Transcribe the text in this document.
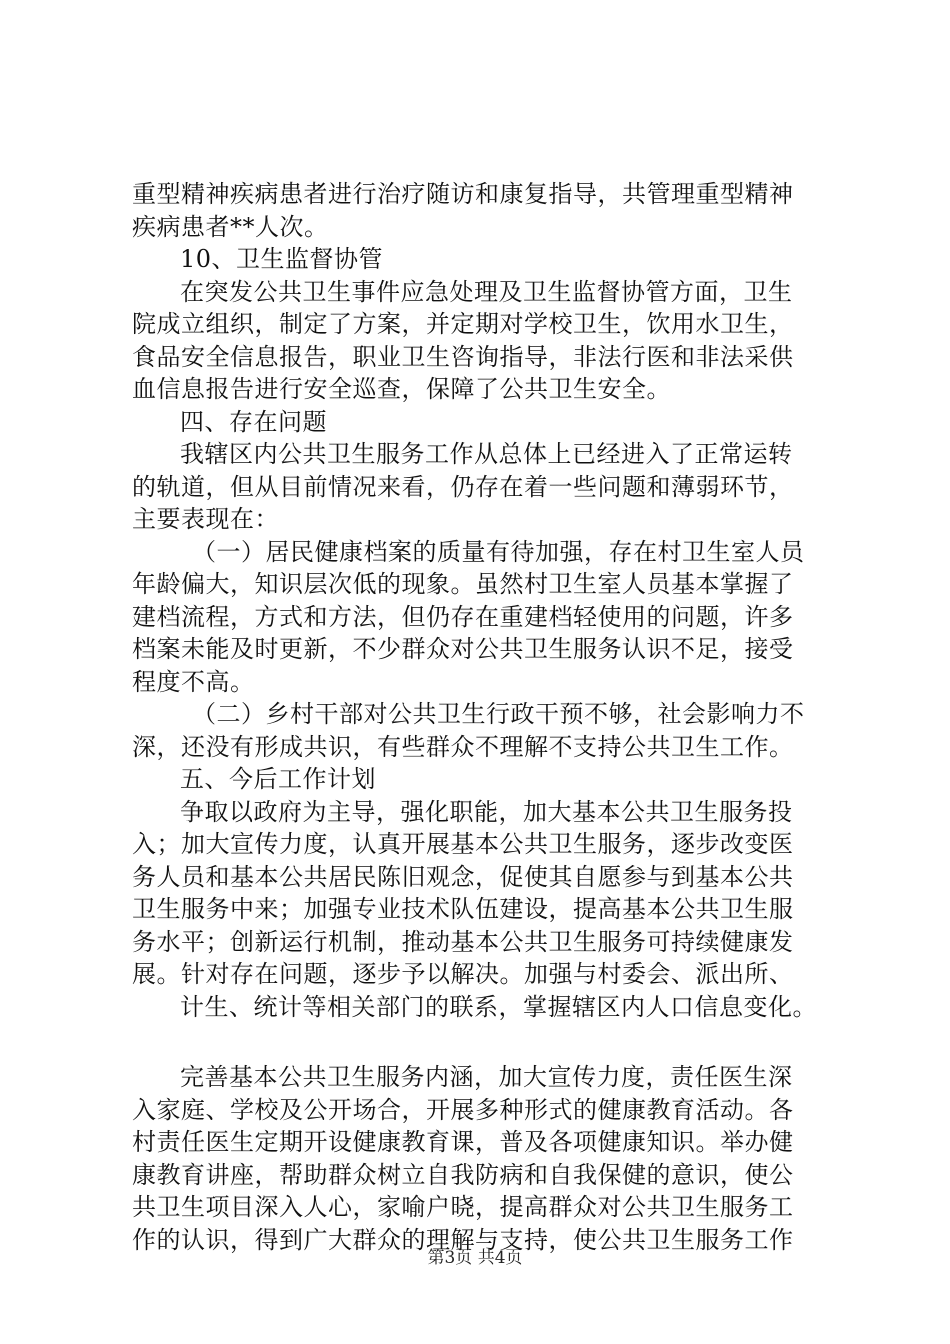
重型精神疾病患者进行治疗随访和康复指导，共管理重型精神
疾病患者**人次。
10、卫生监督协管
在突发公共卫生事件应急处理及卫生监督协管方面，卫生
院成立组织，制定了方案，并定期对学校卫生，饮用水卫生，
食品安全信息报告，职业卫生咨询指导，非法行医和非法采供
血信息报告进行安全巡查，保障了公共卫生安全。
四、存在问题
我辖区内公共卫生服务工作从总体上已经进入了正常运转
的轨道，但从目前情况来看，仍存在着一些问题和薄弱环节，
主要表现在：
（一）居民健康档案的质量有待加强，存在村卫生室人员
年龄偏大，知识层次低的现象。虽然村卫生室人员基本掌握了
建档流程，方式和方法，但仍存在重建档轻使用的问题，许多
档案未能及时更新，不少群众对公共卫生服务认识不足，接受
程度不高。
（二）乡村干部对公共卫生行政干预不够，社会影响力不
深，还没有形成共识，有些群众不理解不支持公共卫生工作。
五、今后工作计划
争取以政府为主导，强化职能，加大基本公共卫生服务投
入；加大宣传力度，认真开展基本公共卫生服务，逐步改变医
务人员和基本公共居民陈旧观念，促使其自愿参与到基本公共
卫生服务中来；加强专业技术队伍建设，提高基本公共卫生服
务水平；创新运行机制，推动基本公共卫生服务可持续健康发
展。针对存在问题，逐步予以解决。加强与村委会、派出所、
计生、统计等相关部门的联系，掌握辖区内人口信息变化。
完善基本公共卫生服务内涵，加大宣传力度，责任医生深
入家庭、学校及公开场合，开展多种形式的健康教育活动。各
村责任医生定期开设健康教育课，普及各项健康知识。举办健
康教育讲座，帮助群众树立自我防病和自我保健的意识，使公
共卫生项目深入人心，家喻户晓，提高群众对公共卫生服务工
作的认识，得到广大群众的理解与支持，使公共卫生服务工作
第3页 共4页
